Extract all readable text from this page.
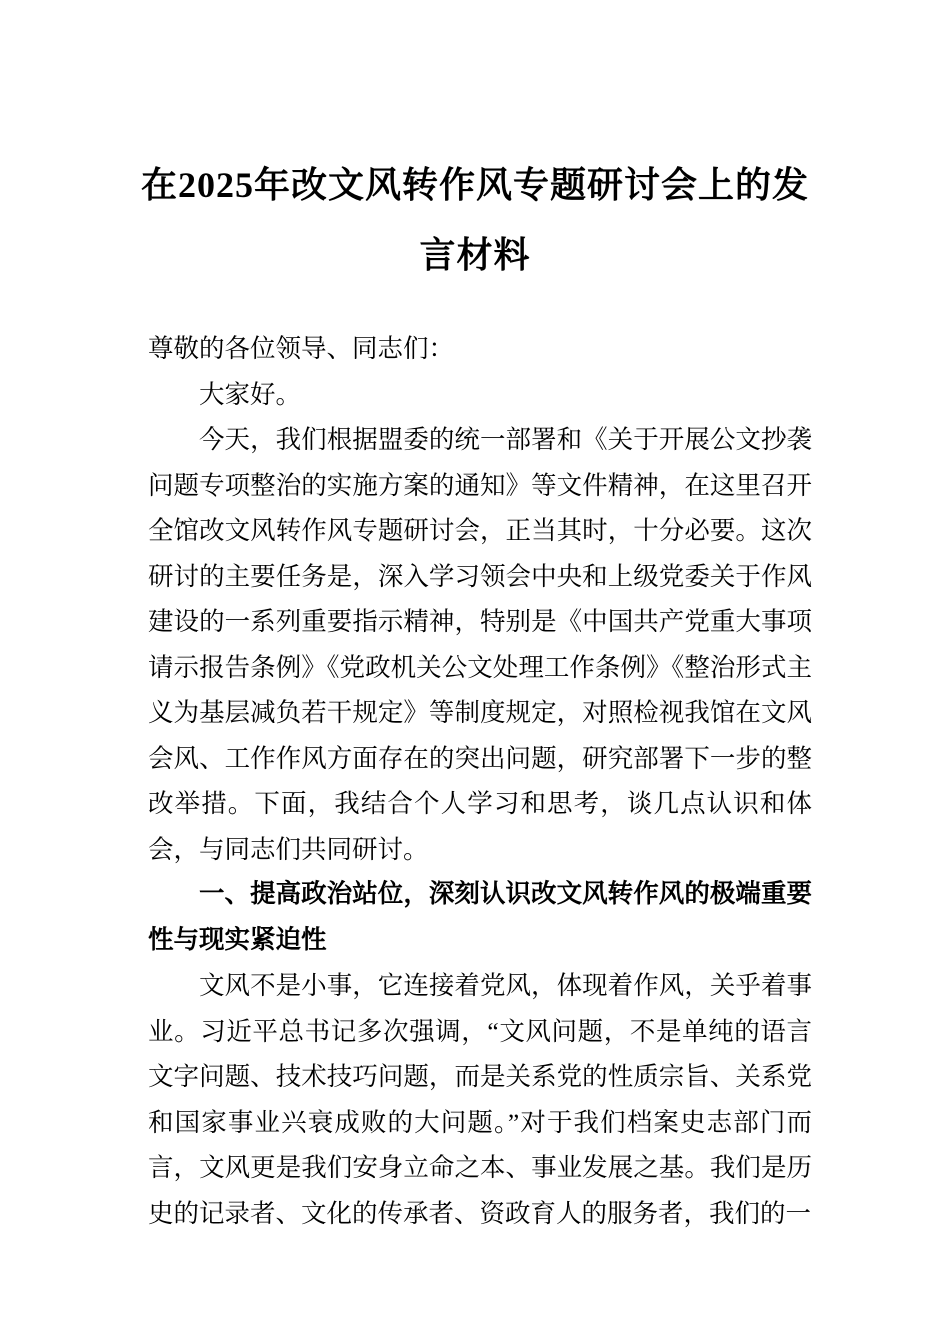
在2025年改文风转作风专题研讨会上的发
言材料

尊敬的各位领导、同志们：

大家好。

今天，我们根据盟委的统一部署和《关于开展公文抄袭问题专项整治的实施方案的通知》等文件精神，在这里召开全馆改文风转作风专题研讨会，正当其时，十分必要。这次研讨的主要任务是，深入学习领会中央和上级党委关于作风建设的一系列重要指示精神，特别是《中国共产党重大事项请示报告条例》《党政机关公文处理工作条例》《整治形式主义为基层减负若干规定》等制度规定，对照检视我馆在文风会风、工作作风方面存在的突出问题，研究部署下一步的整改举措。下面，我结合个人学习和思考，谈几点认识和体会，与同志们共同研讨。

一、提高政治站位，深刻认识改文风转作风的极端重要性与现实紧迫性

文风不是小事，它连接着党风，体现着作风，关乎着事业。习近平总书记多次强调，“文风问题，不是单纯的语言文字问题、技术技巧问题，而是关系党的性质宗旨、关系党和国家事业兴衰成败的大问题。”对于我们档案史志部门而言，文风更是我们安身立命之本、事业发展之基。我们是历史的记录者、文化的传承者、资政育人的服务者，我们的一
